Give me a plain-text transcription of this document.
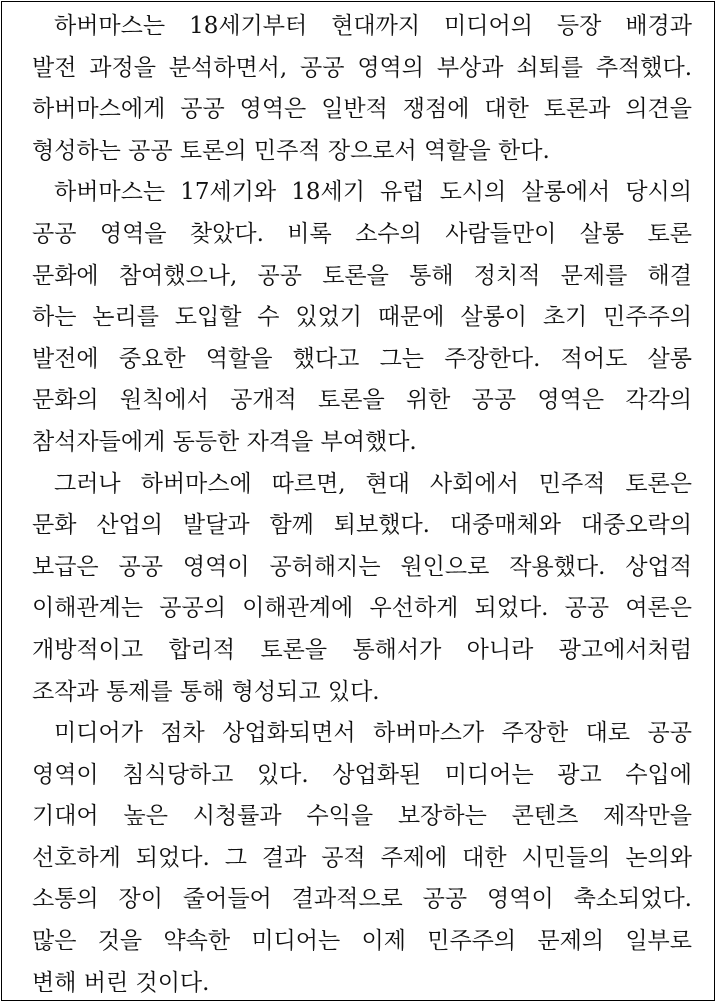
하버마스는 18세기부터 현대까지 미디어의 등장 배경과
발전 과정을 분석하면서, 공공 영역의 부상과 쇠퇴를 추적했다.
하버마스에게 공공 영역은 일반적 쟁점에 대한 토론과 의견을
형성하는 공공 토론의 민주적 장으로서 역할을 한다.
하버마스는 17세기와 18세기 유럽 도시의 살롱에서 당시의
공공 영역을 찾았다. 비록 소수의 사람들만이 살롱 토론
문화에 참여했으나, 공공 토론을 통해 정치적 문제를 해결
하는 논리를 도입할 수 있었기 때문에 살롱이 초기 민주주의
발전에 중요한 역할을 했다고 그는 주장한다. 적어도 살롱
문화의 원칙에서 공개적 토론을 위한 공공 영역은 각각의
참석자들에게 동등한 자격을 부여했다.
그러나 하버마스에 따르면, 현대 사회에서 민주적 토론은
문화 산업의 발달과 함께 퇴보했다. 대중매체와 대중오락의
보급은 공공 영역이 공허해지는 원인으로 작용했다. 상업적
이해관계는 공공의 이해관계에 우선하게 되었다. 공공 여론은
개방적이고 합리적 토론을 통해서가 아니라 광고에서처럼
조작과 통제를 통해 형성되고 있다.
미디어가 점차 상업화되면서 하버마스가 주장한 대로 공공
영역이 침식당하고 있다. 상업화된 미디어는 광고 수입에
기대어 높은 시청률과 수익을 보장하는 콘텐츠 제작만을
선호하게 되었다. 그 결과 공적 주제에 대한 시민들의 논의와
소통의 장이 줄어들어 결과적으로 공공 영역이 축소되었다.
많은 것을 약속한 미디어는 이제 민주주의 문제의 일부로
변해 버린 것이다.
